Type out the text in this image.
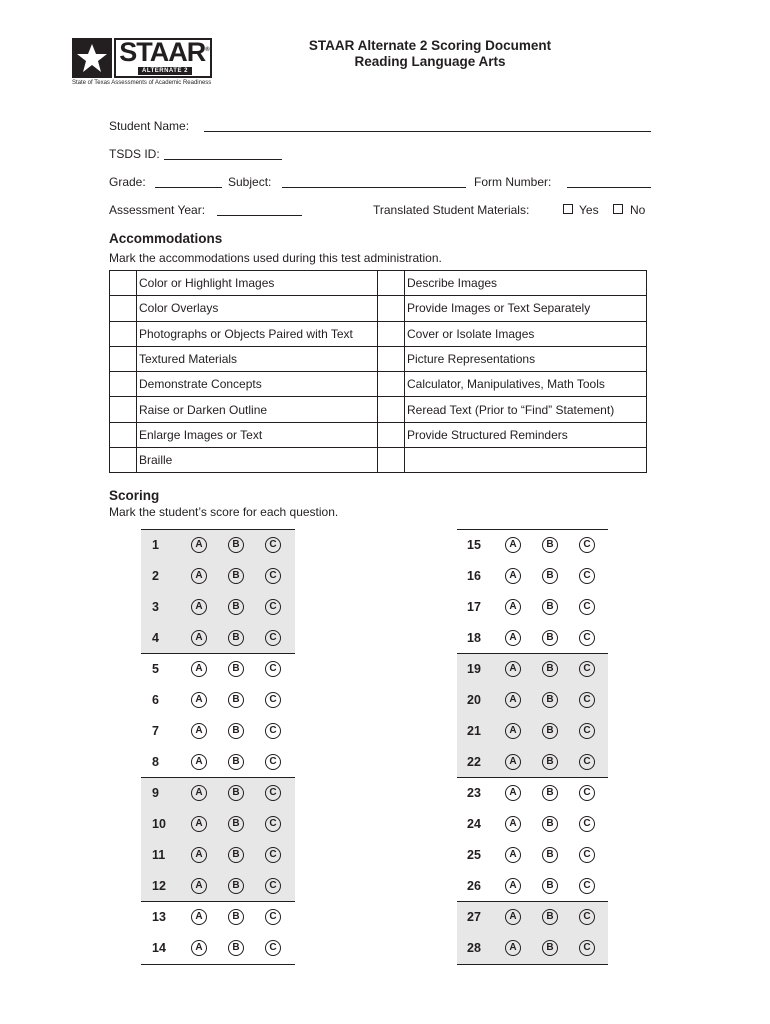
STAAR®
ALTERNATE 2
State of Texas Assessments of Academic Readiness
STAAR Alternate 2 Scoring Document
Reading Language Arts
Student Name:
TSDS ID:
Grade:	Subject:	Form Number:
Assessment Year:	Translated Student Materials:	Yes	No
Accommodations
Mark the accommodations used during this test administration.
	Color or Highlight Images		Describe Images
	Color Overlays		Provide Images or Text Separately
	Photographs or Objects Paired with Text		Cover or Isolate Images
	Textured Materials		Picture Representations
	Demonstrate Concepts		Calculator, Manipulatives, Math Tools
	Raise or Darken Outline		Reread Text (Prior to “Find” Statement)
	Enlarge Images or Text		Provide Structured Reminders
	Braille		
Scoring
Mark the student’s score for each question.
1	A	B	C
2	A	B	C
3	A	B	C
4	A	B	C
5	A	B	C
6	A	B	C
7	A	B	C
8	A	B	C
9	A	B	C
10	A	B	C
11	A	B	C
12	A	B	C
13	A	B	C
14	A	B	C
15	A	B	C
16	A	B	C
17	A	B	C
18	A	B	C
19	A	B	C
20	A	B	C
21	A	B	C
22	A	B	C
23	A	B	C
24	A	B	C
25	A	B	C
26	A	B	C
27	A	B	C
28	A	B	C
